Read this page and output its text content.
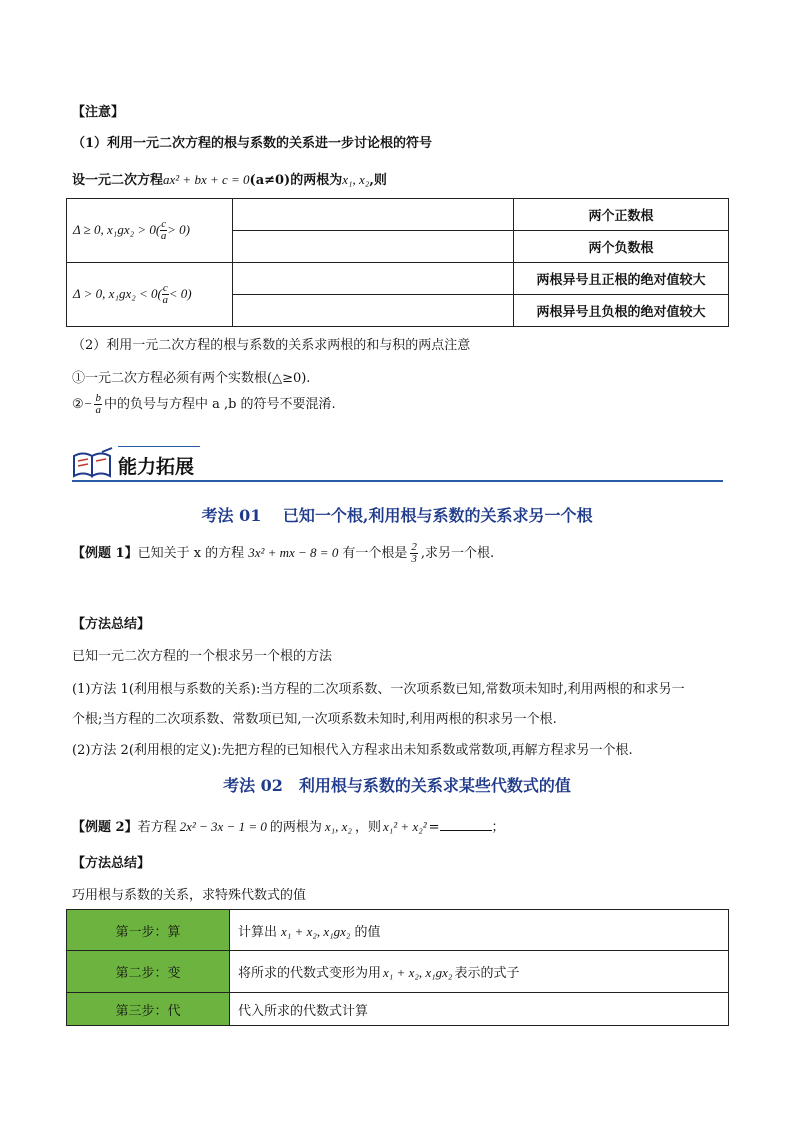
【注意】
（1）利用一元二次方程的根与系数的关系进一步讨论根的符号
设一元二次方程ax² + bx + c = 0(a≠0)的两根为x₁, x₂,则
Δ ≥ 0, $x_1gx_2 > 0( \frac{c}{a} > 0)$		两个正数根
		两个负数根
Δ > 0, $x_1gx_2 < 0( \frac{c}{a} < 0)$		两根异号且正根的绝对值较大
		两根异号且负根的绝对值较大
（2）利用一元二次方程的根与系数的关系求两根的和与积的两点注意
①一元二次方程必须有两个实数根(△≥0).
②− $\frac{b}{a}$ 中的负号与方程中 a ,b 的符号不要混淆.
能力拓展
考法 01　 已知一个根,利用根与系数的关系求另一个根
【例题 1】已知关于 x 的方程 3x² + mx − 8 = 0 有一个根是 $\frac{2}{3}$ ,求另一个根.
【方法总结】
已知一元二次方程的一个根求另一个根的方法
(1)方法 1(利用根与系数的关系):当方程的二次项系数、一次项系数已知,常数项未知时,利用两根的和求另一
个根;当方程的二次项系数、常数项已知,一次项系数未知时,利用两根的积求另一个根.
(2)方法 2(利用根的定义):先把方程的已知根代入方程求出未知系数或常数项,再解方程求另一个根.
考法 02　利用根与系数的关系求某些代数式的值
【例题 2】若方程 2x² − 3x − 1 = 0 的两根为 x₁, x₂ ，则 x₁² + x₂² =	；
【方法总结】
巧用根与系数的关系，求特殊代数式的值
第一步：算	计算出 x₁ + x₂, x₁gx₂ 的值
第二步：变	将所求的代数式变形为用 x₁ + x₂, x₁gx₂ 表示的式子
第三步：代	代入所求的代数式计算
